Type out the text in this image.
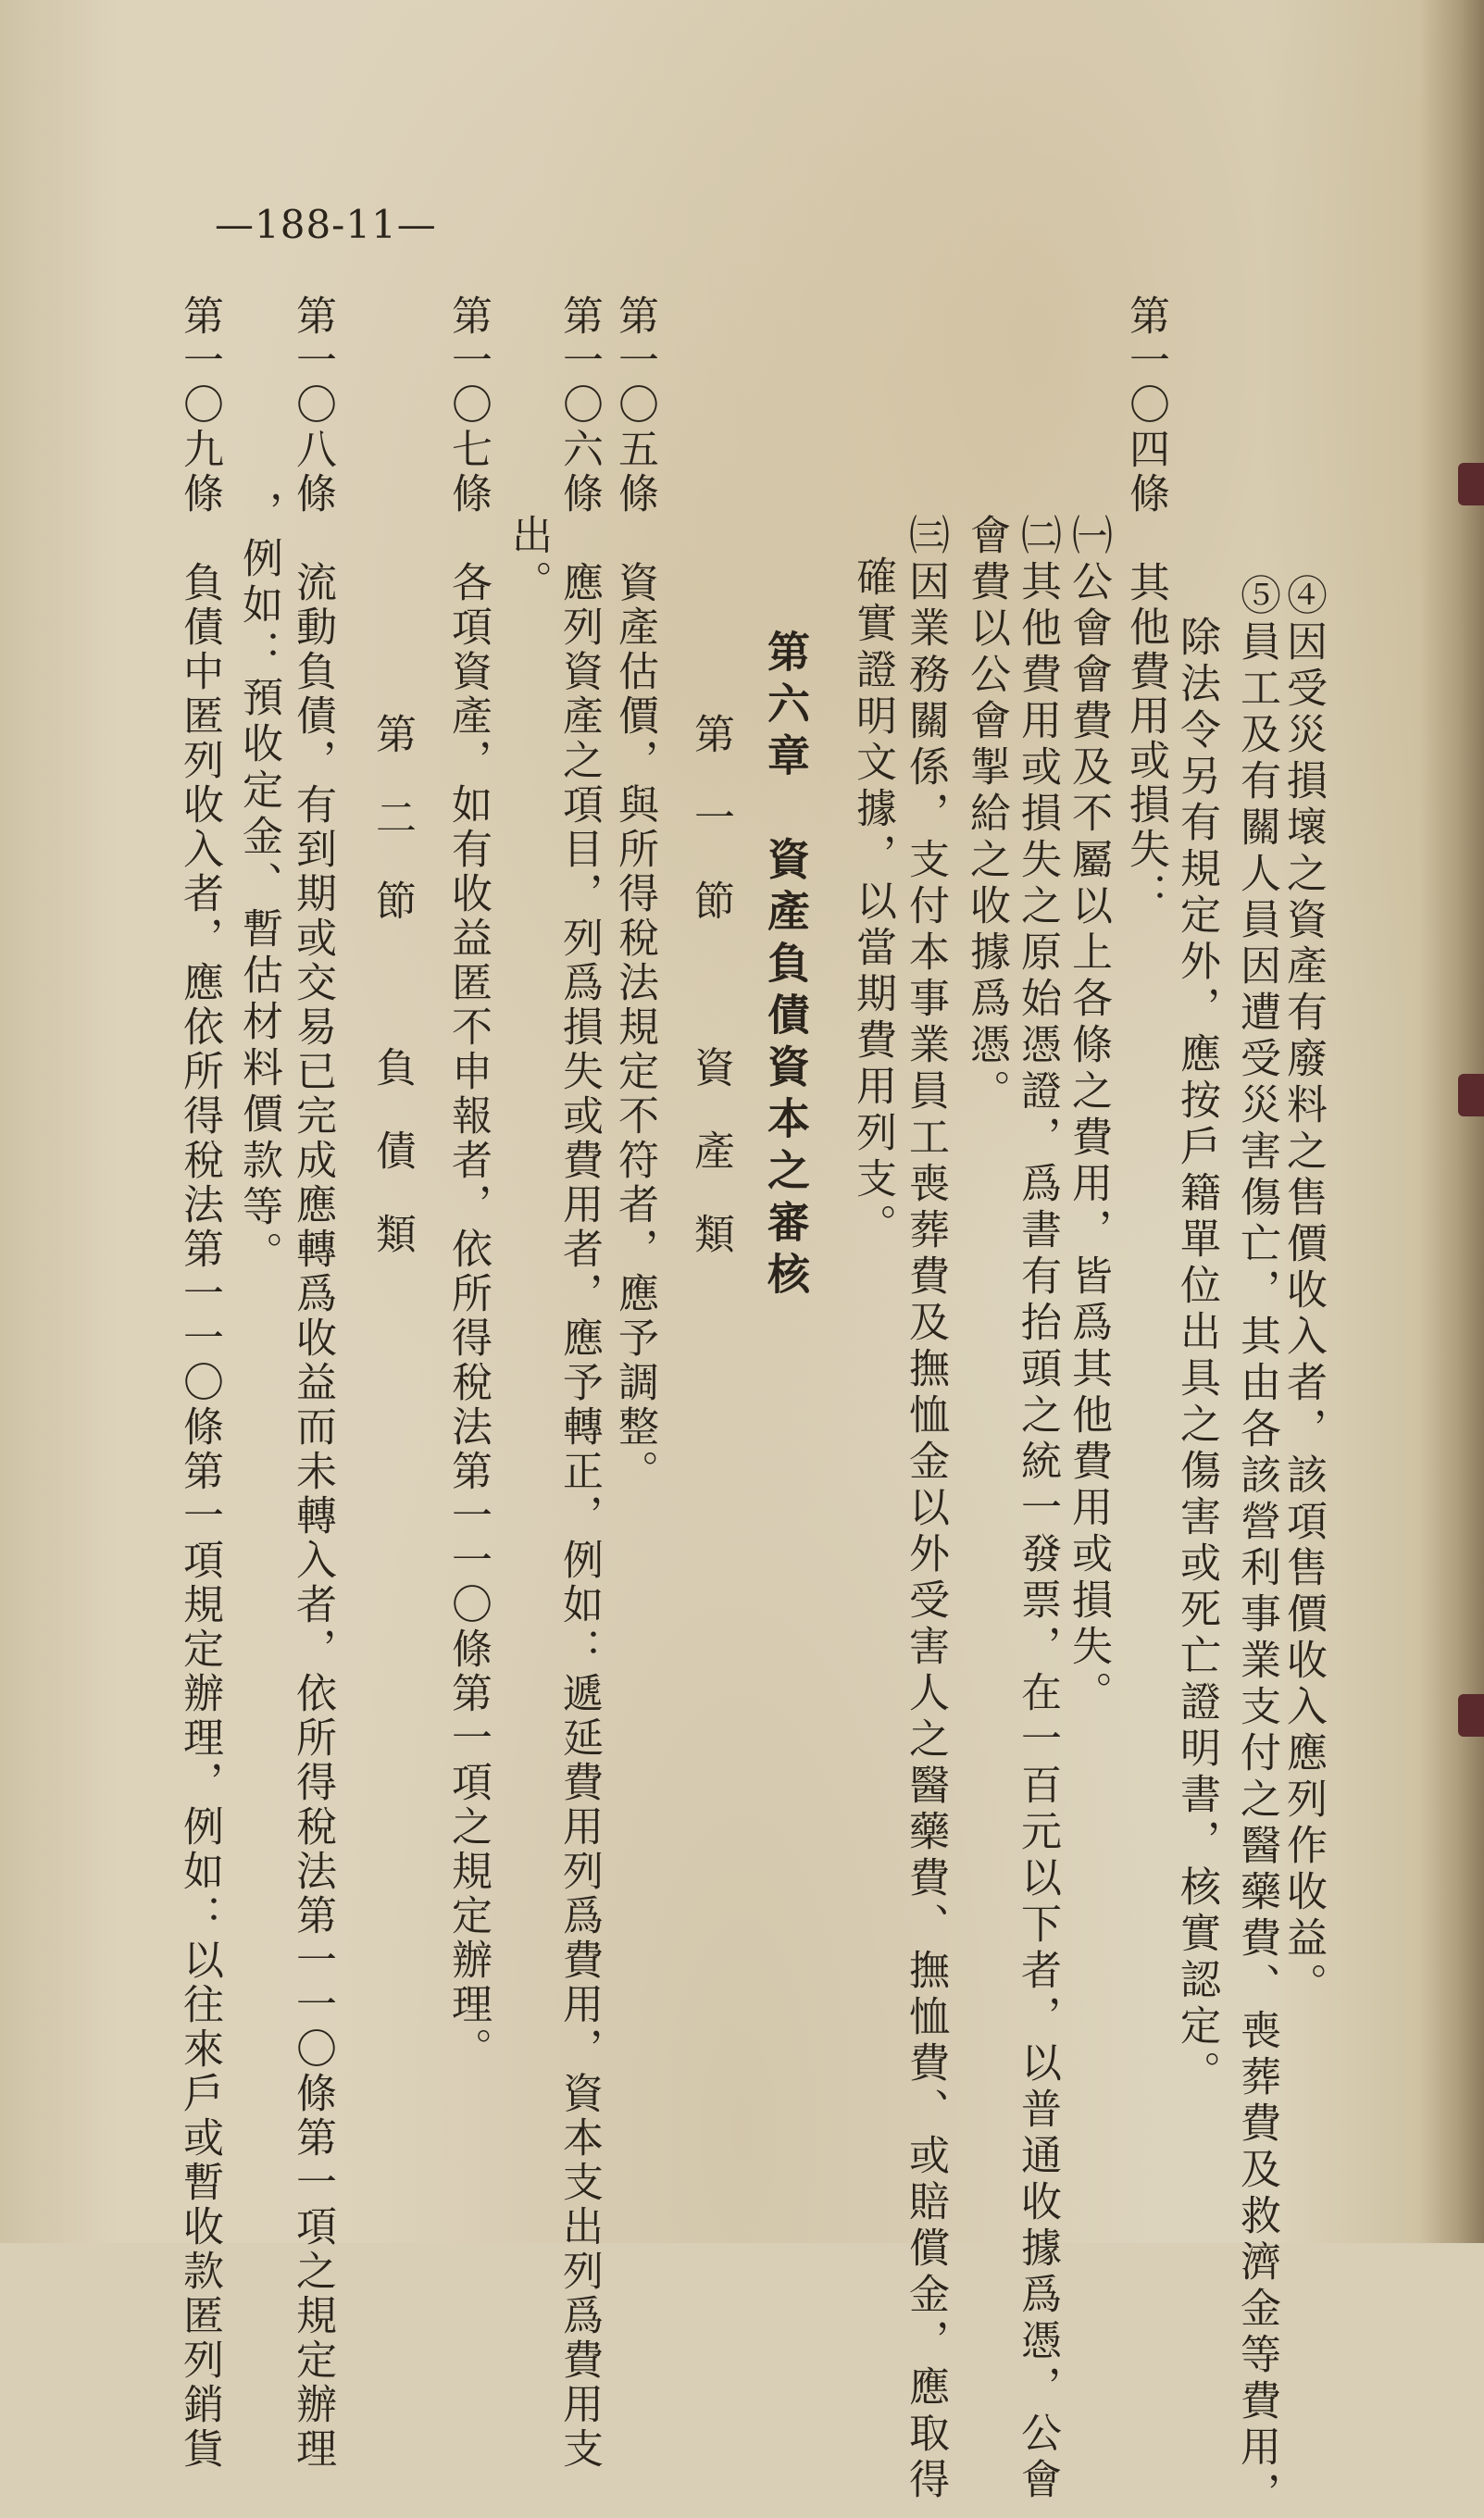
—188-11—
④因受災損壞之資產有廢料之售價收入者，該項售價收入應列作收益。
⑤員工及有關人員因遭受災害傷亡，其由各該營利事業支付之醫藥費、喪葬費及救濟金等費用，
除法令另有規定外，應按戶籍單位出具之傷害或死亡證明書，核實認定。
第一〇四條　其他費用或損失：
㈠公會會費及不屬以上各條之費用，皆爲其他費用或損失。
㈡其他費用或損失之原始憑證，爲書有抬頭之統一發票，在一百元以下者，以普通收據爲憑，公會
會費以公會掣給之收據爲憑。
㈢因業務關係，支付本事業員工喪葬費及撫恤金以外受害人之醫藥費、撫恤費、或賠償金，應取得
確實證明文據，以當期費用列支。
第六章　資產負債資本之審核
第一節　資產類
第一〇五條　資產估價，與所得稅法規定不符者，應予調整。
第一〇六條　應列資產之項目，列爲損失或費用者，應予轉正，例如：遞延費用列爲費用，資本支出列爲費用支
出。
第一〇七條　各項資產，如有收益匿不申報者，依所得稅法第一一〇條第一項之規定辦理。
第二節　負債類
第一〇八條　流動負債，有到期或交易已完成應轉爲收益而未轉入者，依所得稅法第一一〇條第一項之規定辦理
，例如：預收定金、暫估材料價款等。
第一〇九條　負債中匿列收入者，應依所得稅法第一一〇條第一項規定辦理，例如：以往來戶或暫收款匿列銷貨
